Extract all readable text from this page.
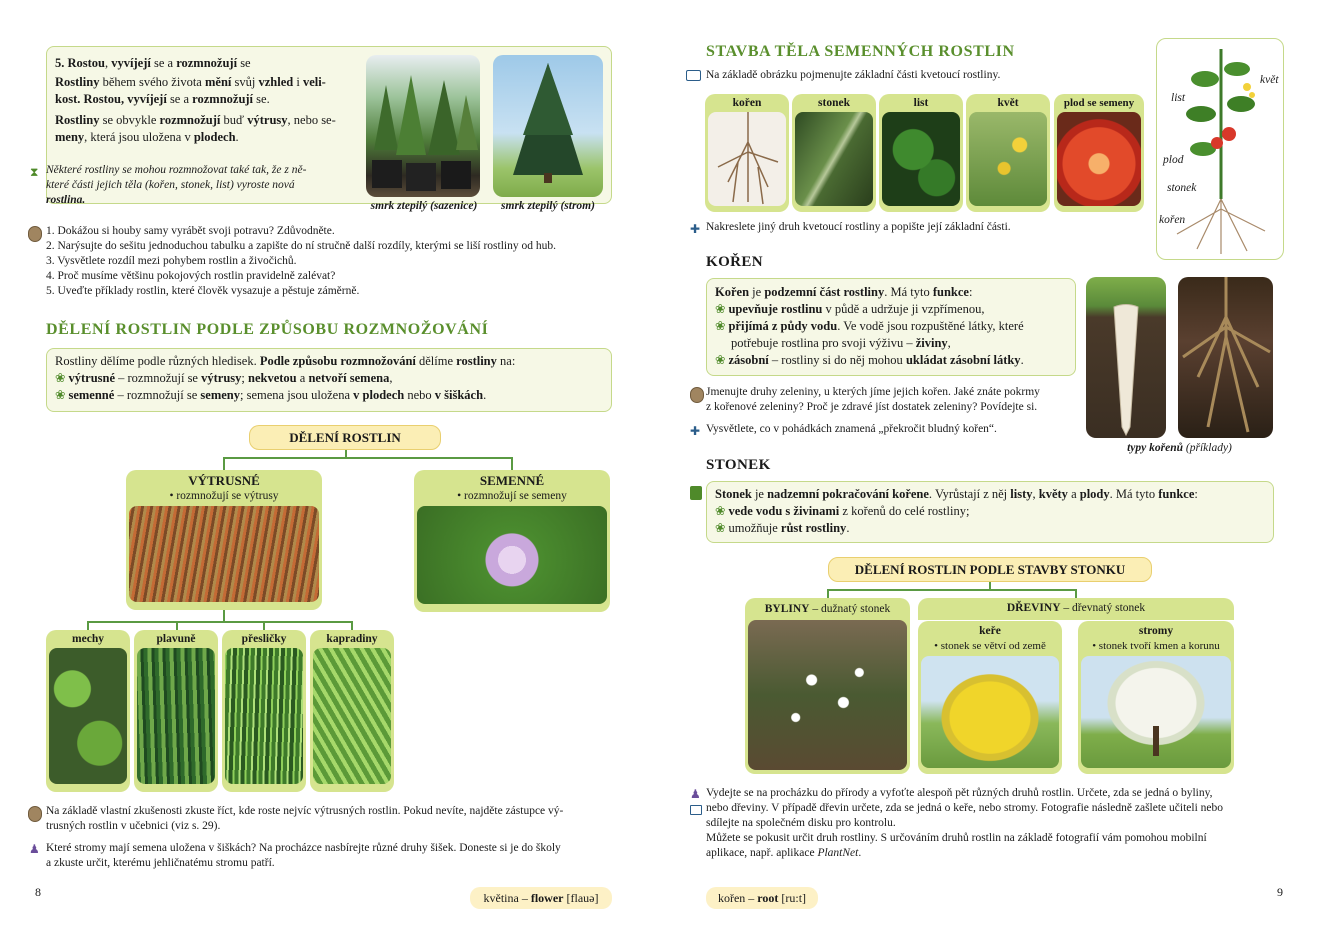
5. Rostou, vyvíjejí se a rozmnožují se
Rostliny během svého života mění svůj vzhled i veli-
kost. Rostou, vyvíjejí se a rozmnožují se.
Rostliny se obvykle rozmnožují buď výtrusy, nebo se-
meny, která jsou uložena v plodech.
smrk ztepilý (sazenice)	smrk ztepilý (strom)
⧗ Některé rostliny se mohou rozmnožovat také tak, že z ně-
které části jejich těla (kořen, stonek, list) vyroste nová
rostlina.
1. Dokážou si houby samy vyrábět svoji potravu? Zdůvodněte.
2. Narýsujte do sešitu jednoduchou tabulku a zapište do ní stručně další rozdíly, kterými se liší rostliny od hub.
3. Vysvětlete rozdíl mezi pohybem rostlin a živočichů.
4. Proč musíme většinu pokojových rostlin pravidelně zalévat?
5. Uveďte příklady rostlin, které člověk vysazuje a pěstuje záměrně.
DĚLENÍ ROSTLIN PODLE ZPŮSOBU ROZMNOŽOVÁNÍ
Rostliny dělíme podle různých hledisek. Podle způsobu rozmnožování dělíme rostliny na:
❀ výtrusné – rozmnožují se výtrusy; nekvetou a netvoří semena,
❀ semenné – rozmnožují se semeny; semena jsou uložena v plodech nebo v šiškách.
DĚLENÍ ROSTLIN
VÝTRUSNÉ
• rozmnožují se výtrusy
SEMENNÉ
• rozmnožují se semeny
mechy	plavuně	přesličky	kapradiny
Na základě vlastní zkušenosti zkuste říct, kde roste nejvíc výtrusných rostlin. Pokud nevíte, najděte zástupce vý-
trusných rostlin v učebnici (viz s. 29).
♟ Které stromy mají semena uložena v šiškách? Na procházce nasbírejte různé druhy šišek. Doneste si je do školy
a zkuste určit, kterému jehličnatému stromu patří.
8	květina – flower [flauə]
STAVBA TĚLA SEMENNÝCH ROSTLIN
Na základě obrázku pojmenujte základní části kvetoucí rostliny.
kořen	stonek	list	květ	plod se semeny
květ
list
plod
stonek
kořen
✚ Nakreslete jiný druh kvetoucí rostliny a popište její základní části.
KOŘEN
Kořen je podzemní část rostliny. Má tyto funkce:
❀ upevňuje rostlinu v půdě a udržuje ji vzpřímenou,
❀ přijímá z půdy vodu. Ve vodě jsou rozpuštěné látky, které
potřebuje rostlina pro svoji výživu – živiny,
❀ zásobní – rostliny si do něj mohou ukládat zásobní látky.
typy kořenů (příklady)
Jmenujte druhy zeleniny, u kterých jíme jejich kořen. Jaké znáte pokrmy
z kořenové zeleniny? Proč je zdravé jíst dostatek zeleniny? Povídejte si.
✚ Vysvětlete, co v pohádkách znamená „překročit bludný kořen“.
STONEK
Stonek je nadzemní pokračování kořene. Vyrůstají z něj listy, květy a plody. Má tyto funkce:
❀ vede vodu s živinami z kořenů do celé rostliny;
❀ umožňuje růst rostliny.
DĚLENÍ ROSTLIN PODLE STAVBY STONKU
BYLINY – dužnatý stonek	DŘEVINY – dřevnatý stonek
keře
• stonek se větví od země
stromy
• stonek tvoří kmen a korunu
♟ Vydejte se na procházku do přírody a vyfoťte alespoň pět různých druhů rostlin. Určete, zda se jedná o byliny,
nebo dřeviny. V případě dřevin určete, zda se jedná o keře, nebo stromy. Fotografie následně zašlete učiteli nebo
sdílejte na společném disku pro kontrolu.
Můžete se pokusit určit druh rostliny. S určováním druhů rostlin na základě fotografií vám pomohou mobilní
aplikace, např. aplikace PlantNet.
kořen – root [ru:t]	9
